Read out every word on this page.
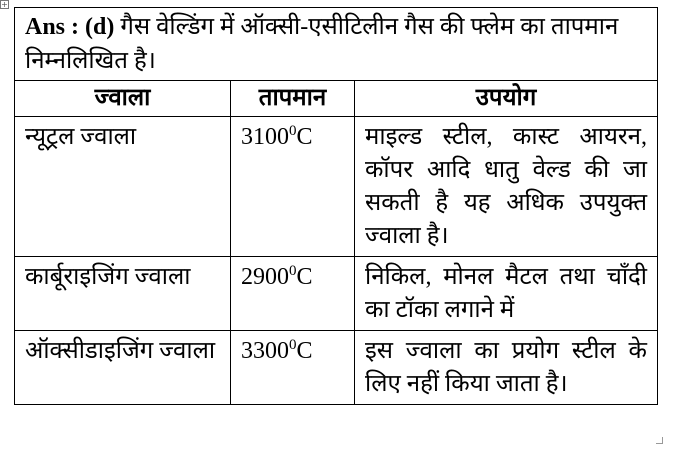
+
Ans : (d) गैस वेल्डिंग में ऑक्सी-एसीटिलीन गैस की फ्लेम का तापमान निम्नलिखित है।		
ज्वाला	तापमान	उपयोग
न्यूट्रल ज्वाला	3100$^0$C	माइल्ड स्टील, कास्ट आयरन, कॉपर आदि धातु वेल्ड की जा सकती है यह अधिक उपयुक्त ज्वाला है।
कार्बूराइजिंग ज्वाला	2900$^0$C	निकिल, मोनल मैटल तथा चाँदी का टॉका लगाने में
ऑक्सीडाइजिंग ज्वाला	3300$^0$C	इस ज्वाला का प्रयोग स्टील के लिए नहीं किया जाता है।
